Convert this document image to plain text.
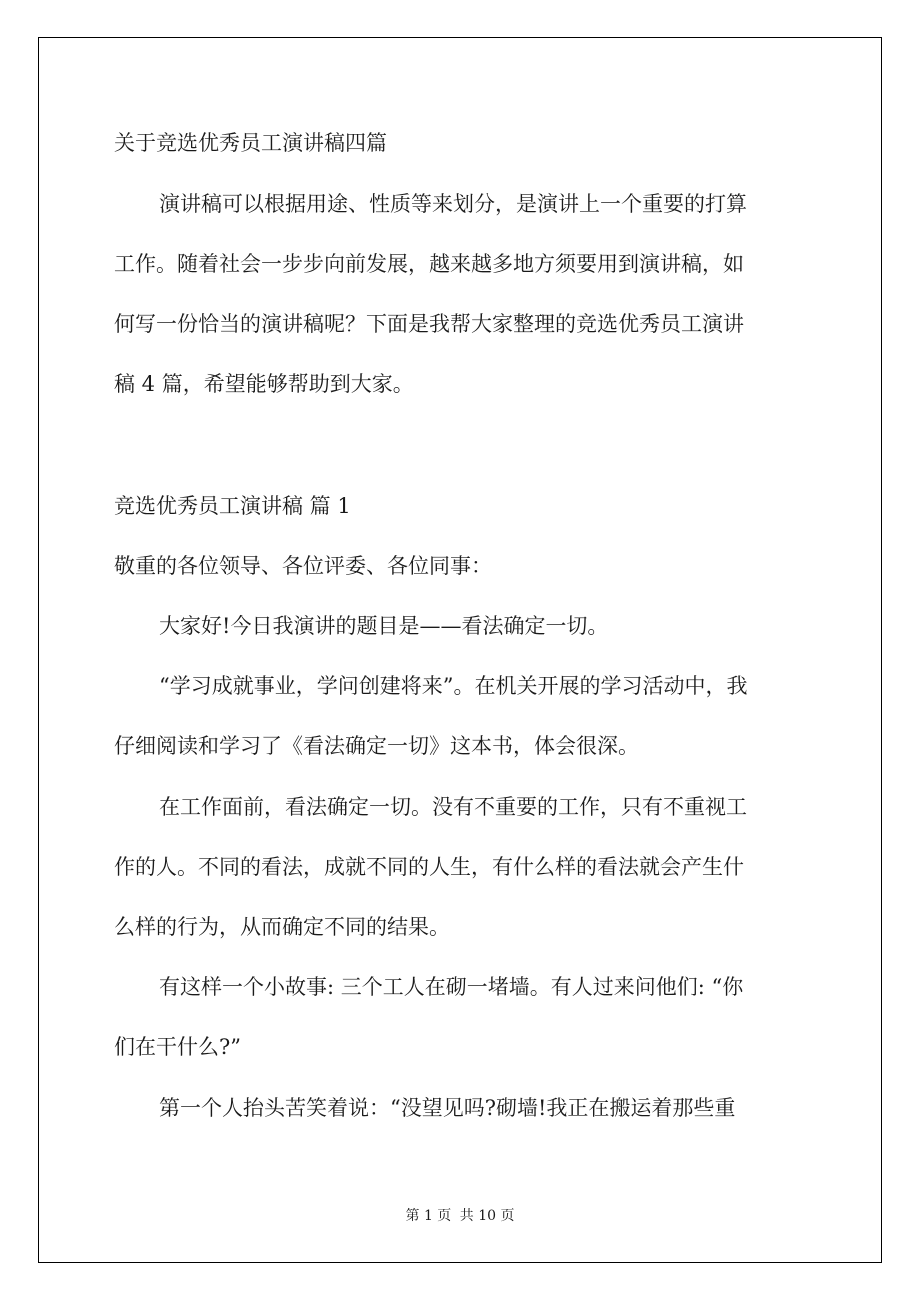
关于竞选优秀员工演讲稿四篇
演讲稿可以根据用途、性质等来划分，是演讲上一个重要的打算
工作。随着社会一步步向前发展，越来越多地方须要用到演讲稿，如
何写一份恰当的演讲稿呢？下面是我帮大家整理的竞选优秀员工演讲
稿 4 篇，希望能够帮助到大家。
竞选优秀员工演讲稿 篇 1
敬重的各位领导、各位评委、各位同事：
大家好!今日我演讲的题目是——看法确定一切。
“学习成就事业，学问创建将来”。在机关开展的学习活动中，我
仔细阅读和学习了《看法确定一切》这本书，体会很深。
在工作面前，看法确定一切。没有不重要的工作，只有不重视工
作的人。不同的看法，成就不同的人生，有什么样的看法就会产生什
么样的行为，从而确定不同的结果。
有这样一个小故事: 三个工人在砌一堵墙。有人过来问他们: “你
们在干什么?”
第一个人抬头苦笑着说：“没望见吗?砌墙!我正在搬运着那些重
第 1 页 共 10 页
